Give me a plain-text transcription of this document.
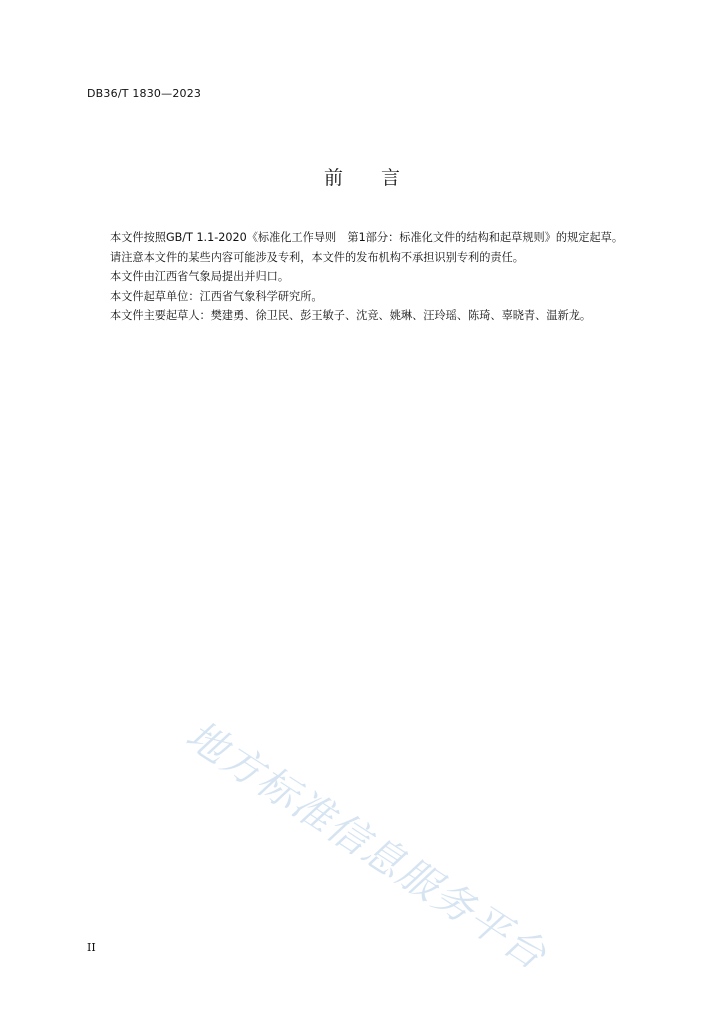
DB36/T 1830—2023
前 言

本文件按照GB/T 1.1-2020《标准化工作导则　第1部分：标准化文件的结构和起草规则》的规定起草。

请注意本文件的某些内容可能涉及专利，本文件的发布机构不承担识别专利的责任。

本文件由江西省气象局提出并归口。

本文件起草单位：江西省气象科学研究所。

本文件主要起草人：樊建勇、徐卫民、彭王敏子、沈竞、姚琳、汪玲瑶、陈琦、辜晓青、温新龙。

地方标准信息服务平台
II
